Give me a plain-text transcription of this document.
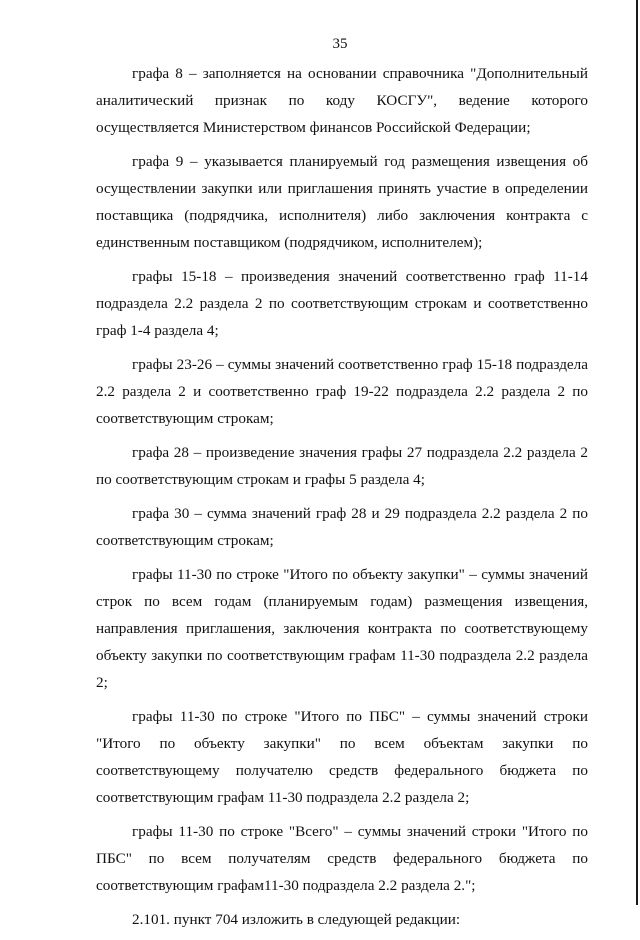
35

графа 8 – заполняется на основании справочника "Дополнительный аналитический признак по коду КОСГУ", ведение которого осуществляется Министерством финансов Российской Федерации;

графа 9 – указывается планируемый год размещения извещения об осуществлении закупки или приглашения принять участие в определении поставщика (подрядчика, исполнителя) либо заключения контракта с единственным поставщиком (подрядчиком, исполнителем);

графы 15-18 – произведения значений соответственно граф 11-14 подраздела 2.2 раздела 2 по соответствующим строкам и соответственно граф 1-4 раздела 4;

графы 23-26 – суммы значений соответственно граф 15-18 подраздела 2.2 раздела 2 и соответственно граф 19-22 подраздела 2.2 раздела 2 по соответствующим строкам;

графа 28 – произведение значения графы 27 подраздела 2.2 раздела 2 по соответствующим строкам и графы 5 раздела 4;

графа 30 – сумма значений граф 28 и 29 подраздела 2.2 раздела 2 по соответствующим строкам;

графы 11-30 по строке "Итого по объекту закупки" – суммы значений строк по всем годам (планируемым годам) размещения извещения, направления приглашения, заключения контракта по соответствующему объекту закупки по соответствующим графам 11-30 подраздела 2.2 раздела 2;

графы 11-30 по строке "Итого по ПБС" – суммы значений строки "Итого по объекту закупки" по всем объектам закупки по соответствующему получателю средств федерального бюджета по соответствующим графам 11-30 подраздела 2.2 раздела 2;

графы 11-30 по строке "Всего" – суммы значений строки "Итого по ПБС" по всем получателям средств федерального бюджета по соответствующим графам11-30 подраздела 2.2 раздела 2.";

2.101. пункт 704 изложить в следующей редакции:
